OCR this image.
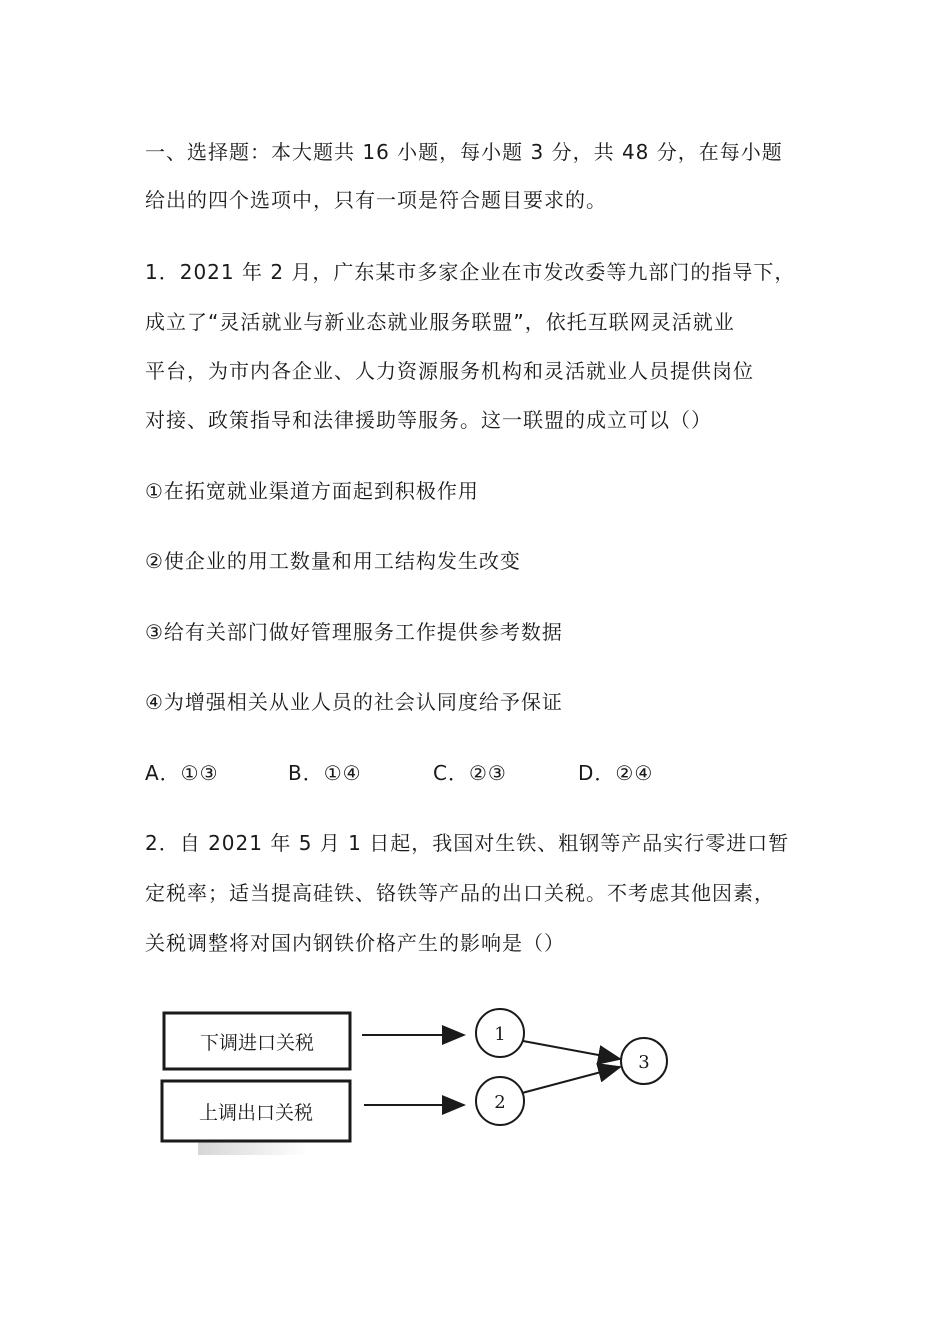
一、选择题：本大题共 16 小题，每小题 3 分，共 48 分，在每小题
给出的四个选项中，只有一项是符合题目要求的。
1．2021 年 2 月，广东某市多家企业在市发改委等九部门的指导下，
成立了“灵活就业与新业态就业服务联盟”，依托互联网灵活就业
平台，为市内各企业、人力资源服务机构和灵活就业人员提供岗位
对接、政策指导和法律援助等服务。这一联盟的成立可以（）
①在拓宽就业渠道方面起到积极作用
②使企业的用工数量和用工结构发生改变
③给有关部门做好管理服务工作提供参考数据
④为增强相关从业人员的社会认同度给予保证
A．①③	B．①④	C．②③	D．②④
2．自 2021 年 5 月 1 日起，我国对生铁、粗钢等产品实行零进口暂
定税率；适当提高硅铁、铬铁等产品的出口关税。不考虑其他因素，
关税调整将对国内钢铁价格产生的影响是（）
下调进口关税
上调出口关税
1
2
3
